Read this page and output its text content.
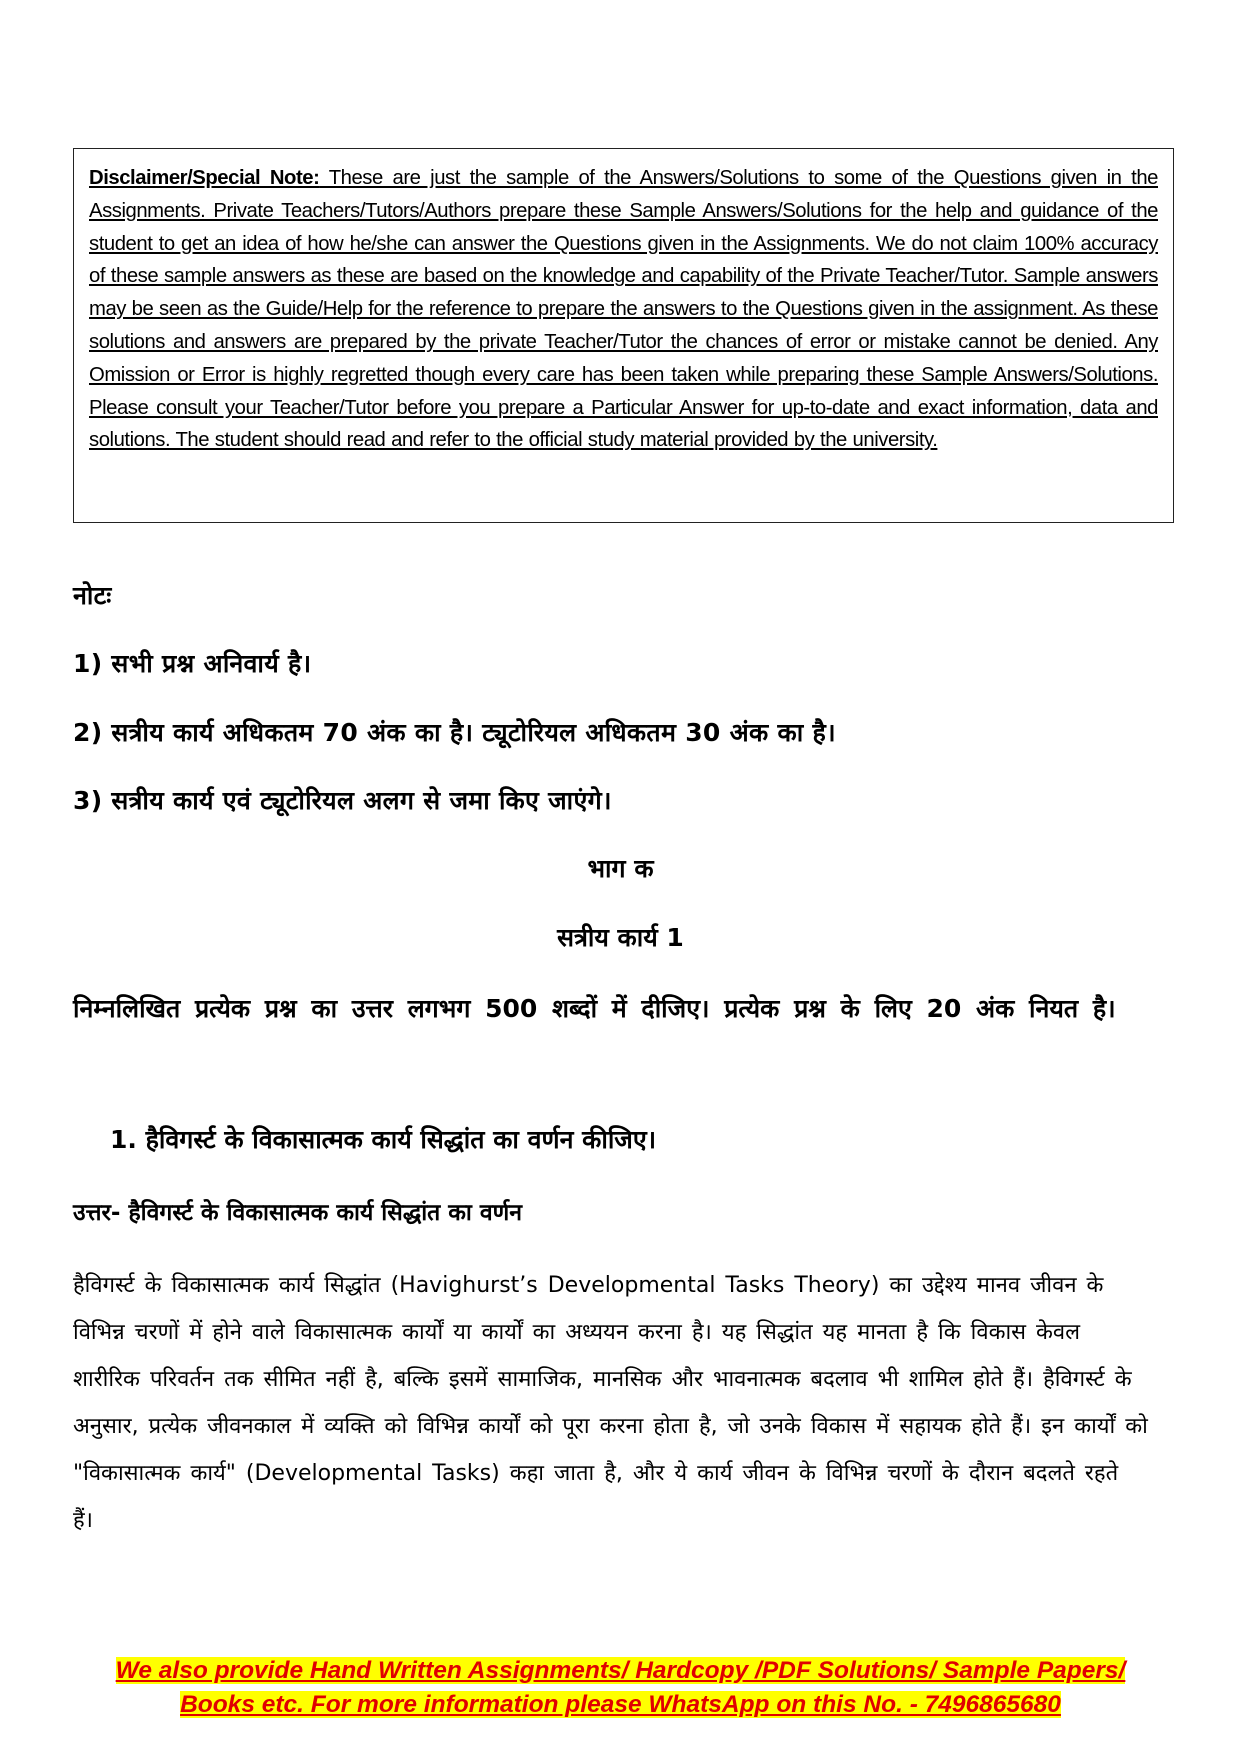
Disclaimer/Special Note: These are just the sample of the Answers/Solutions to some of the Questions given in the Assignments. Private Teachers/Tutors/Authors prepare these Sample Answers/Solutions for the help and guidance of the student to get an idea of how he/she can answer the Questions given in the Assignments. We do not claim 100% accuracy of these sample answers as these are based on the knowledge and capability of the Private Teacher/Tutor. Sample answers may be seen as the Guide/Help for the reference to prepare the answers to the Questions given in the assignment. As these solutions and answers are prepared by the private Teacher/Tutor the chances of error or mistake cannot be denied. Any Omission or Error is highly regretted though every care has been taken while preparing these Sample Answers/Solutions. Please consult your Teacher/Tutor before you prepare a Particular Answer for up-to-date and exact information, data and solutions. The student should read and refer to the official study material provided by the university.

नोटः
1) सभी प्रश्न अनिवार्य है।
2) सत्रीय कार्य अधिकतम 70 अंक का है। ट्यूटोरियल अधिकतम 30 अंक का है।
3) सत्रीय कार्य एवं ट्यूटोरियल अलग से जमा किए जाएंगे।
भाग क
सत्रीय कार्य 1
निम्नलिखित प्रत्येक प्रश्न का उत्तर लगभग 500 शब्दों में दीजिए। प्रत्येक प्रश्न के लिए 20 अंक नियत है।
1. हैविगर्स्ट के विकासात्मक कार्य सिद्धांत का वर्णन कीजिए।
उत्तर- हैविगर्स्ट के विकासात्मक कार्य सिद्धांत का वर्णन

हैविगर्स्ट के विकासात्मक कार्य सिद्धांत (Havighurst’s Developmental Tasks Theory) का उद्देश्य मानव जीवन के विभिन्न चरणों में होने वाले विकासात्मक कार्यों या कार्यों का अध्ययन करना है। यह सिद्धांत यह मानता है कि विकास केवल शारीरिक परिवर्तन तक सीमित नहीं है, बल्कि इसमें सामाजिक, मानसिक और भावनात्मक बदलाव भी शामिल होते हैं। हैविगर्स्ट के अनुसार, प्रत्येक जीवनकाल में व्यक्ति को विभिन्न कार्यों को पूरा करना होता है, जो उनके विकास में सहायक होते हैं। इन कार्यों को "विकासात्मक कार्य" (Developmental Tasks) कहा जाता है, और ये कार्य जीवन के विभिन्न चरणों के दौरान बदलते रहते हैं।

We also provide Hand Written Assignments/ Hardcopy /PDF Solutions/ Sample Papers/
Books etc. For more information please WhatsApp on this No. - 7496865680
